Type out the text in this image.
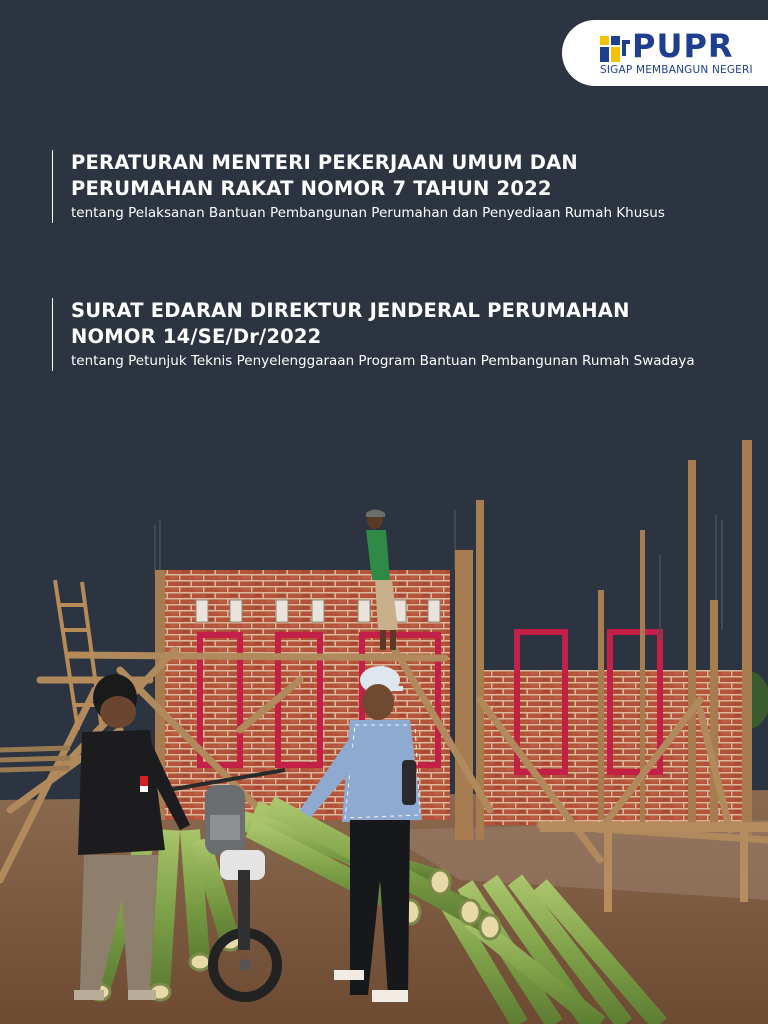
PUPR
SIGAP MEMBANGUN NEGERI
PERATURAN MENTERI PEKERJAAN UMUM DAN
PERUMAHAN RAKAT NOMOR 7 TAHUN 2022
tentang Pelaksanan Bantuan Pembangunan Perumahan dan Penyediaan Rumah Khusus
SURAT EDARAN DIREKTUR JENDERAL PERUMAHAN
NOMOR 14/SE/Dr/2022
tentang Petunjuk Teknis Penyelenggaraan Program Bantuan Pembangunan Rumah Swadaya
